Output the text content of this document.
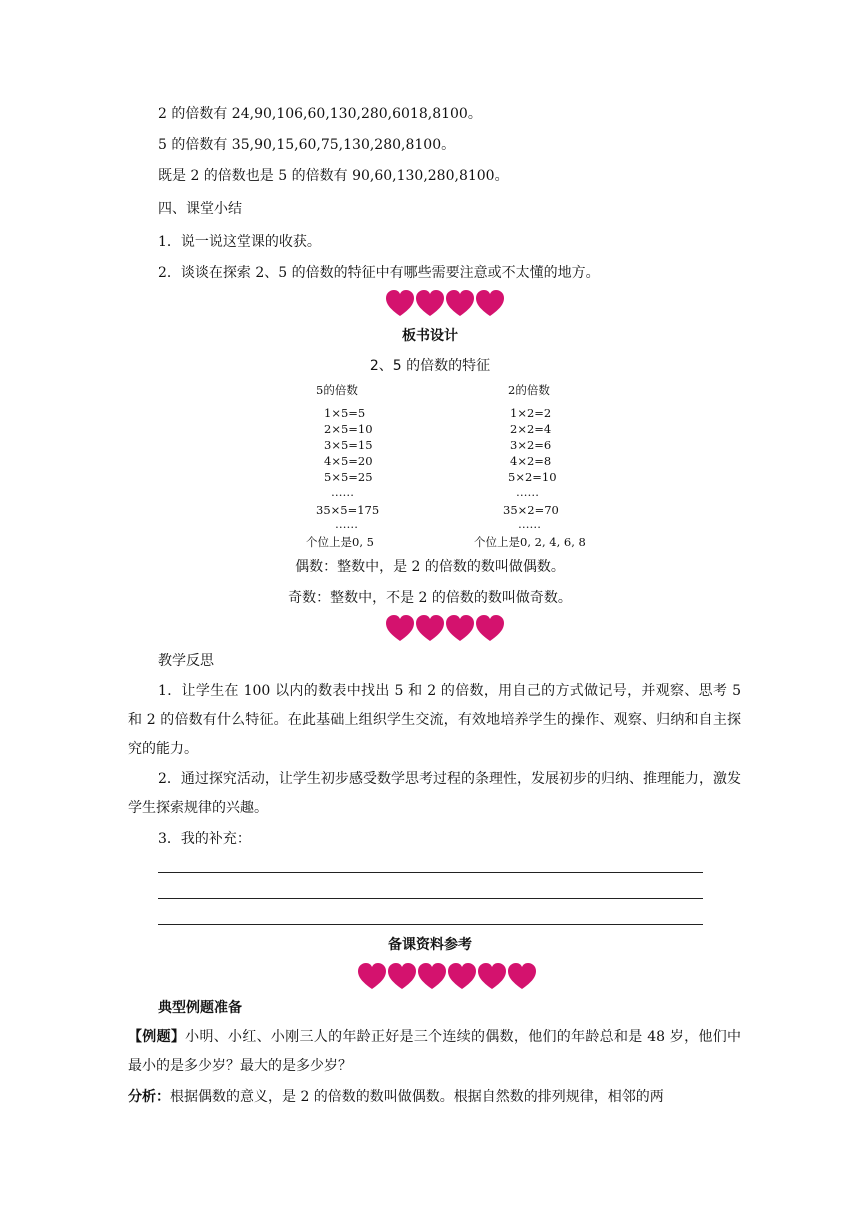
2 的倍数有 24,90,106,60,130,280,6018,8100。
5 的倍数有 35,90,15,60,75,130,280,8100。
既是 2 的倍数也是 5 的倍数有 90,60,130,280,8100。
四、课堂小结
1．说一说这堂课的收获。
2．谈谈在探索 2、5 的倍数的特征中有哪些需要注意或不太懂的地方。
板书设计
2、5 的倍数的特征
5的倍数
1×5=5
2×5=10
3×5=15
4×5=20
5×5=25
……
35×5=175
……
个位上是0, 5
2的倍数
1×2=2
2×2=4
3×2=6
4×2=8
5×2=10
……
35×2=70
……
个位上是0, 2, 4, 6, 8
偶数：整数中，是 2 的倍数的数叫做偶数。
奇数：整数中，不是 2 的倍数的数叫做奇数。
教学反思
1．让学生在 100 以内的数表中找出 5 和 2 的倍数，用自己的方式做记号，并观察、思考 5 和 2 的倍数有什么特征。在此基础上组织学生交流，有效地培养学生的操作、观察、归纳和自主探究的能力。
2．通过探究活动，让学生初步感受数学思考过程的条理性，发展初步的归纳、推理能力，激发学生探索规律的兴趣。
3．我的补充：
备课资料参考
典型例题准备
【例题】小明、小红、小刚三人的年龄正好是三个连续的偶数，他们的年龄总和是 48 岁，他们中最小的是多少岁？最大的是多少岁？
分析：根据偶数的意义，是 2 的倍数的数叫做偶数。根据自然数的排列规律，相邻的两
